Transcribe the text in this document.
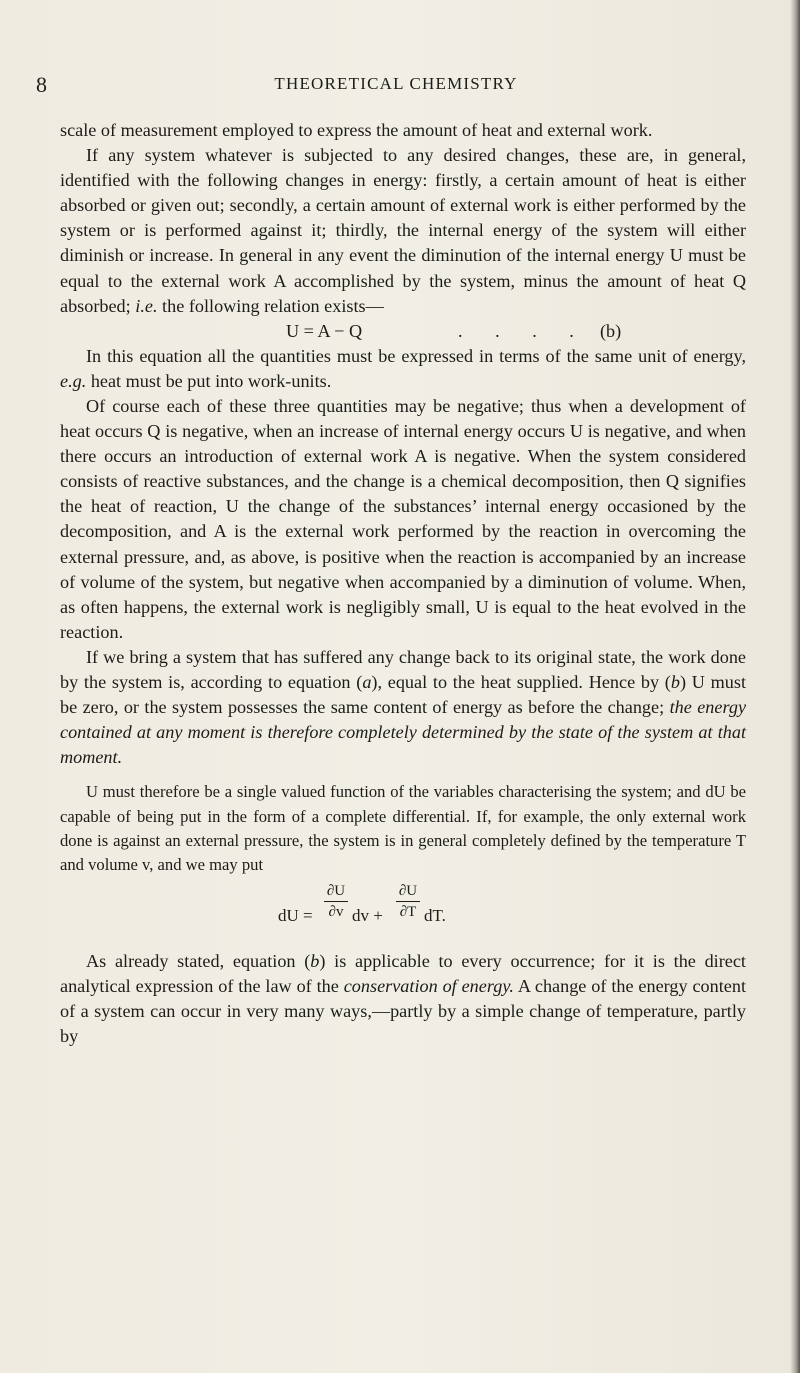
8	THEORETICAL CHEMISTRY

scale of measurement employed to express the amount of heat and external work.

If any system whatever is subjected to any desired changes, these are, in general, identified with the following changes in energy: firstly, a certain amount of heat is either absorbed or given out; secondly, a certain amount of external work is either performed by the system or is performed against it; thirdly, the internal energy of the system will either diminish or increase. In general in any event the diminution of the internal energy U must be equal to the external work A accomplished by the system, minus the amount of heat Q absorbed; i.e. the following relation exists—

U = A − Q	. . . . (b)

In this equation all the quantities must be expressed in terms of the same unit of energy, e.g. heat must be put into work-units.

Of course each of these three quantities may be negative; thus when a development of heat occurs Q is negative, when an increase of internal energy occurs U is negative, and when there occurs an introduction of external work A is negative. When the system considered consists of reactive substances, and the change is a chemical decomposition, then Q signifies the heat of reaction, U the change of the substances’ internal energy occasioned by the decomposition, and A is the external work performed by the reaction in overcoming the external pressure, and, as above, is positive when the reaction is accompanied by an increase of volume of the system, but negative when accompanied by a diminution of volume. When, as often happens, the external work is negligibly small, U is equal to the heat evolved in the reaction.

If we bring a system that has suffered any change back to its original state, the work done by the system is, according to equation (a), equal to the heat supplied. Hence by (b) U must be zero, or the system possesses the same content of energy as before the change; the energy contained at any moment is therefore completely determined by the state of the system at that moment.

U must therefore be a single valued function of the variables characterising the system; and dU be capable of being put in the form of a complete differential. If, for example, the only external work done is against an external pressure, the system is in general completely defined by the temperature T and volume v, and we may put

dU = $\frac{\partial U}{\partial v}$ dv + $\frac{\partial U}{\partial T}$ dT.

As already stated, equation (b) is applicable to every occurrence; for it is the direct analytical expression of the law of the conservation of energy. A change of the energy content of a system can occur in very many ways,—partly by a simple change of temperature, partly by
